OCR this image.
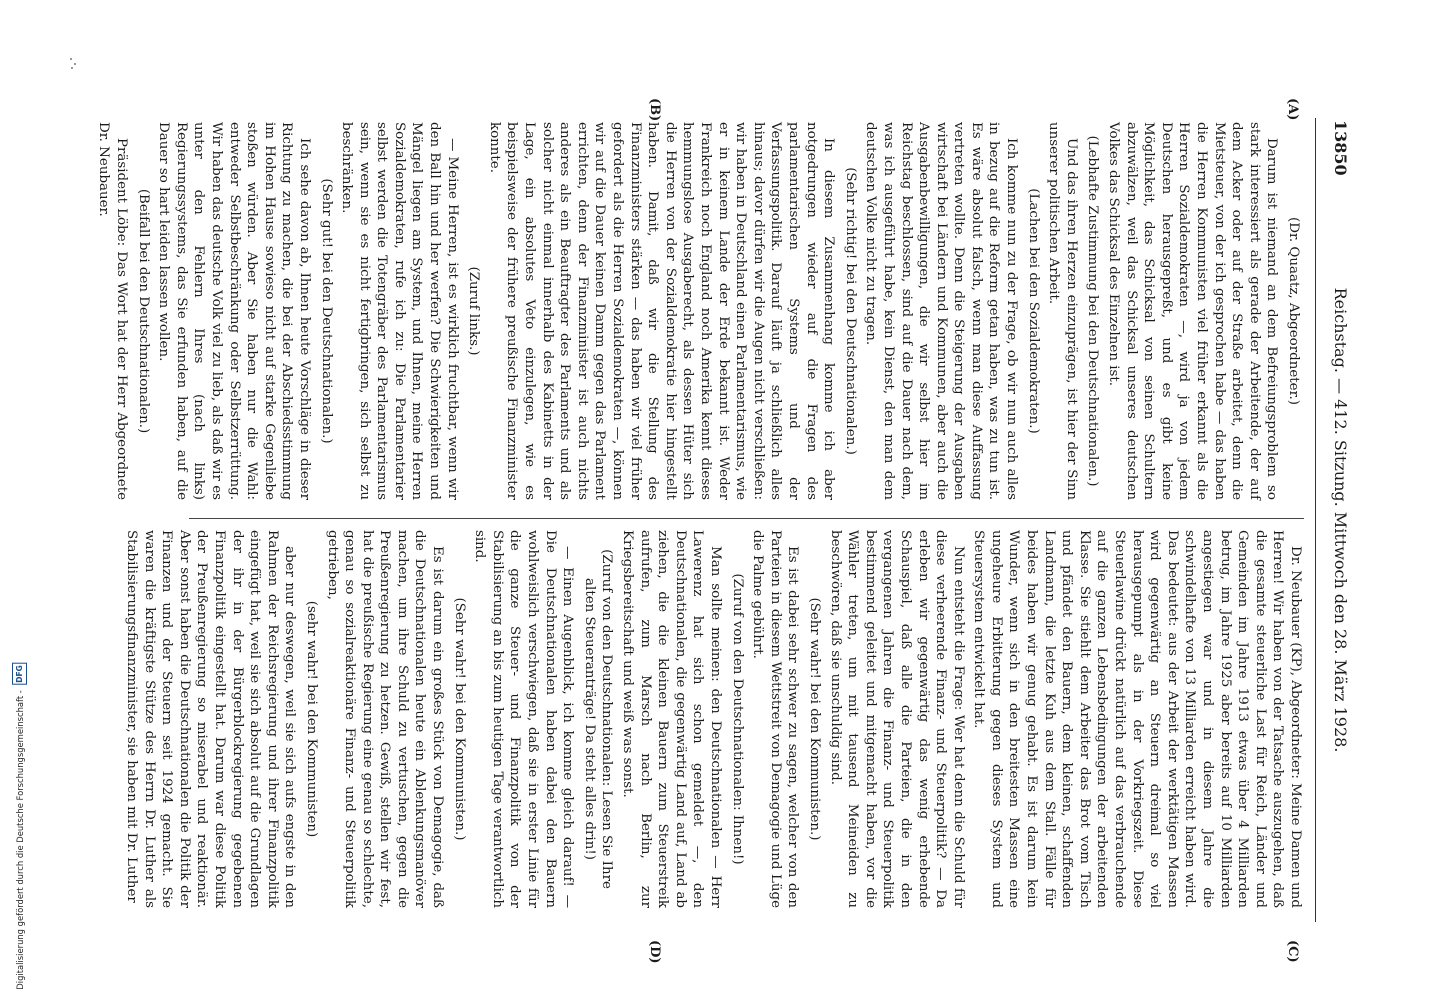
13850
Reichstag. — 412. Sitzung. Mittwoch den 28. März 1928.
(A)
(B)
(C)
(D)

(Dr. Quaatz, Abgeordneter.)

Darum ist niemand an dem Befreiungsproblem so stark interessiert als gerade der Arbeitende, der auf dem Acker oder auf der Straße arbeitet, denn die Mietsteuer, von der ich gesprochen habe — das haben die Herren Kommunisten viel früher erkannt als die Herren Sozialdemokraten —, wird ja von jedem Deutschen herausgepreßt, und es gibt keine Möglichkeit, das Schicksal von seinen Schultern abzuwälzen, weil das Schicksal unseres deutschen Volkes das Schicksal des Einzelnen ist.

(Lebhafte Zustimmung bei den Deutschnationalen.)

Und das ihren Herzen einzuprägen, ist hier der Sinn unserer politischen Arbeit.

(Lachen bei den Sozialdemokraten.)

Ich komme nun zu der Frage, ob wir nun auch alles in bezug auf die Reform getan haben, was zu tun ist. Es wäre absolut falsch, wenn man diese Auffassung vertreten wollte. Denn die Steigerung der Ausgaben wirtschaft bei Ländern und Kommunen, aber auch die Ausgabenbewilligungen, die wir selbst hier im Reichstag beschlossen, sind auf die Dauer nach dem, was ich ausgeführt habe, kein Dienst, den man dem deutschen Volke nicht zu tragen.

(Sehr richtig! bei den Deutschnationalen.)

In diesem Zusammenhang komme ich aber notgedrungen wieder auf die Fragen des parlamentarischen Systems und der Verfassungspolitik. Darauf läuft ja schließlich alles hinaus; davor dürfen wir die Augen nicht verschließen: wir haben in Deutschland einen Parlamentarismus, wie er in keinem Lande der Erde bekannt ist. Weder Frankreich noch England noch Amerika kennt dieses hemmungslose Ausgaberecht, als dessen Hüter sich die Herren von der Sozialdemokratie hier hingestellt haben. Damit, daß wir die Stellung des Finanzministers stärken — das haben wir viel früher gefordert als die Herren Sozialdemokraten —, können wir auf die Dauer keinen Damm gegen das Parlament errichten, denn der Finanzminister ist auch nichts anderes als ein Beauftragter des Parlaments und als solcher nicht einmal innerhalb des Kabinetts in der Lage, ein absolutes Veto einzulegen, wie es beispielsweise der frühere preußische Finanzminister konnte.

(Zuruf links.)

— Meine Herren, ist es wirklich fruchtbar, wenn wir den Ball hin und her werfen? Die Schwierigkeiten und Mängel liegen am System, und Ihnen, meine Herren Sozialdemokraten, rufe ich zu: Die Parlamentarier selbst werden die Totengräber des Parlamentarismus sein, wenn sie es nicht fertigbringen, sich selbst zu beschränken.

(Sehr gut! bei den Deutschnationalen.)

Ich sehe davon ab, Ihnen heute Vorschläge in dieser Richtung zu machen, die bei der Abschiedsstimmung im Hohen Hause sowieso nicht auf starke Gegenliebe stoßen würden. Aber Sie haben nur die Wahl: entweder Selbstbeschränkung oder Selbstzerrüttung. Wir haben das deutsche Volk viel zu lieb, als daß wir es unter den Fehlern Ihres (nach links) Regierungssystems, das Sie erfunden haben, auf die Dauer so hart leiden lassen wollen.

(Beifall bei den Deutschnationalen.)

Präsident Löbe: Das Wort hat der Herr Abgeordnete Dr. Neubauer.

Dr. Neubauer (KP), Abgeordneter: Meine Damen und Herren! Wir haben von der Tatsache auszugehen, daß die gesamte steuerliche Last für Reich, Länder und Gemeinden im Jahre 1913 etwas über 4 Milliarden betrug, im Jahre 1925 aber bereits auf 10 Milliarden angestiegen war und in diesem Jahre die schwindelhafte von 13 Milliarden erreicht haben wird. Das bedeutet: aus der Arbeit der werktätigen Massen wird gegenwärtig an Steuern dreimal so viel herausgepumpt als in der Vorkriegszeit. Diese Steuerlawine drückt natürlich auf das verbrauchende auf die ganzen Lebensbedingungen der arbeitenden Klasse. Sie stiehlt dem Arbeiter das Brot vom Tisch und pfändet den Bauern, dem kleinen, schaffenden Landmann, die letzte Kuh aus dem Stall. Fälle für beides haben wir genug gehabt. Es ist darum kein Wunder, wenn sich in den breitesten Massen eine ungeheure Erbitterung gegen dieses System und Steuersystem entwickelt hat.

Nun entsteht die Frage: Wer hat denn die Schuld für diese verheerende Finanz- und Steuerpolitik? — Da erleben wir gegenwärtig das wenig erhebende Schauspiel, daß alle die Parteien, die in den vergangenen Jahren die Finanz- und Steuerpolitik bestimmend geleitet und mitgemacht haben, vor die Wähler treten, um mit tausend Meineiden zu beschwören, daß sie unschuldig sind.

(Sehr wahr! bei den Kommunisten.)

Es ist dabei sehr schwer zu sagen, welcher von den Parteien in diesem Wettstreit von Demagogie und Lüge die Palme gebührt.

(Zuruf von den Deutschnationalen: Ihnen!)

Man sollte meinen: den Deutschnationalen — Herr Lawerenz hat sich schon gemeldet —, den Deutschnationalen, die gegenwärtig Land auf, Land ab ziehen, die die kleinen Bauern zum Steuerstreik aufrufen, zum Marsch nach Berlin, zur Kriegsbereitschaft und weiß was sonst.

(Zuruf von den Deutschnationalen: Lesen Sie Ihre alten Steueranträge! Da steht alles drin!)

— Einen Augenblick, ich komme gleich darauf! — Die Deutschnationalen haben dabei den Bauern wohlweislich verschwiegen, daß sie in erster Linie für die ganze Steuer- und Finanzpolitik von der Stabilisierung an bis zum heutigen Tage verantwortlich sind.

(Sehr wahr! bei den Kommunisten.)

Es ist darum ein großes Stück von Demagogie, daß die Deutschnationalen heute ein Ablenkungsmanöver machen, um ihre Schuld zu vertuschen, gegen die Preußenregierung zu hetzen. Gewiß, stellen wir fest, hat die preußische Regierung eine genau so schlechte, genau so sozialreaktionäre Finanz- und Steuerpolitik getrieben,

(sehr wahr! bei den Kommunisten)

aber nur deswegen, weil sie sich aufs engste in den Rahmen der Reichsregierung und ihrer Finanzpolitik eingefügt hat, weil sie sich absolut auf die Grundlagen der ihr in der Bürgerblockregierung gegebenen Finanzpolitik eingestellt hat. Darum war diese Politik der Preußenregierung so miserabel und reaktionär. Aber sonst haben die Deutschnationalen die Politik der Finanzen und der Steuern seit 1924 gemacht. Sie waren die kräftigste Stütze des Herrn Dr. Luther als Stabilisierungsfinanzminister, sie haben mit Dr. Luther

Digitalisierung gefördert durch die Deutsche Forschungsgemeinschaft - DFG
